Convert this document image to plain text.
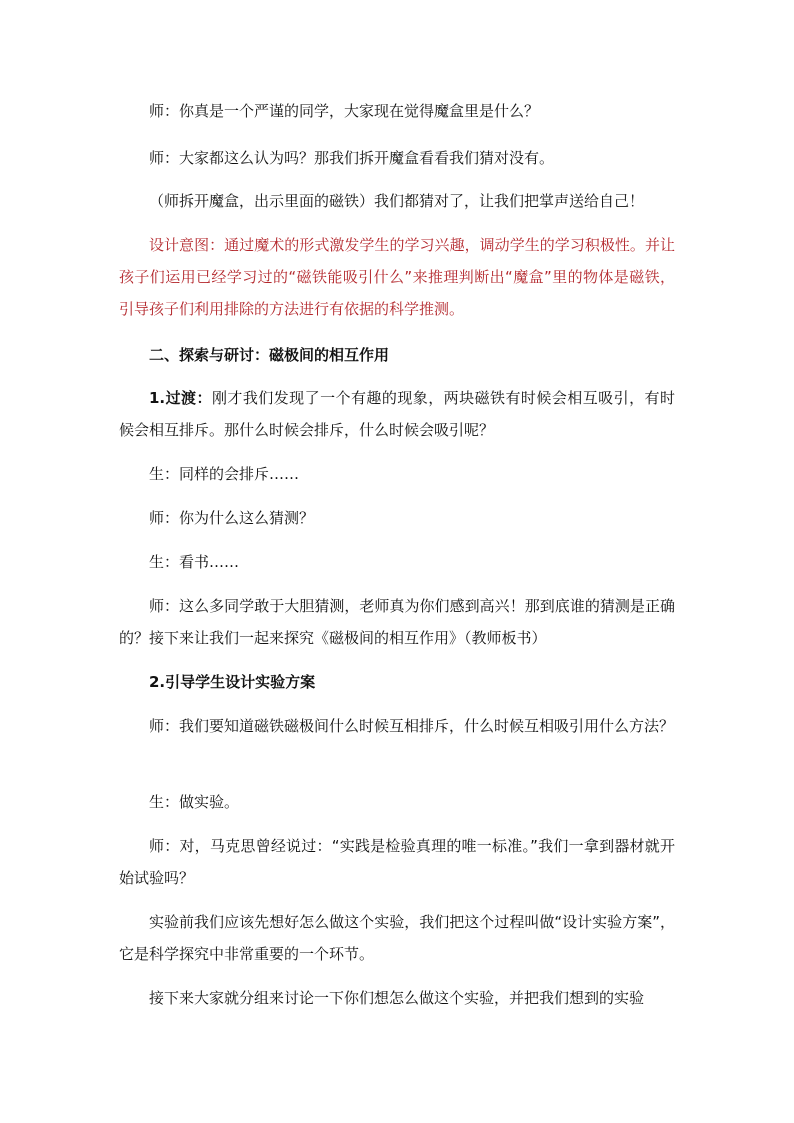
师：你真是一个严谨的同学，大家现在觉得魔盒里是什么？

师：大家都这么认为吗？那我们拆开魔盒看看我们猜对没有。

（师拆开魔盒，出示里面的磁铁）我们都猜对了，让我们把掌声送给自己！

设计意图：通过魔术的形式激发学生的学习兴趣，调动学生的学习积极性。并让孩子们运用已经学习过的“磁铁能吸引什么”来推理判断出“魔盒”里的物体是磁铁，引导孩子们利用排除的方法进行有依据的科学推测。

二、探索与研讨：磁极间的相互作用

1.过渡：刚才我们发现了一个有趣的现象，两块磁铁有时候会相互吸引，有时候会相互排斥。那什么时候会排斥，什么时候会吸引呢？

生：同样的会排斥……

师：你为什么这么猜测？

生：看书……

师：这么多同学敢于大胆猜测，老师真为你们感到高兴！那到底谁的猜测是正确的？接下来让我们一起来探究《磁极间的相互作用》（教师板书）

2.引导学生设计实验方案

师：我们要知道磁铁磁极间什么时候互相排斥，什么时候互相吸引用什么方法？

生：做实验。

师：对，马克思曾经说过：“实践是检验真理的唯一标准。”我们一拿到器材就开始试验吗？

实验前我们应该先想好怎么做这个实验，我们把这个过程叫做“设计实验方案”，它是科学探究中非常重要的一个环节。

接下来大家就分组来讨论一下你们想怎么做这个实验，并把我们想到的实验
